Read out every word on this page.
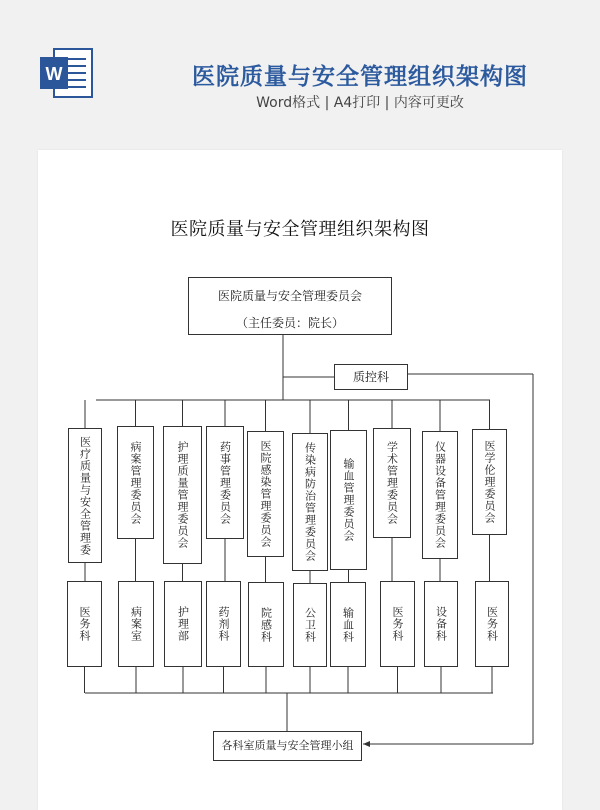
W	医院质量与安全管理组织架构图
Word格式 | A4打印 | 内容可更改
医院质量与安全管理组织架构图
医院质量与安全管理委员会
（主任委员：院长）
质控科
医疗质量与安全管理委	病案管理委员会	护理质量管理委员会	药事管理委员会	医院感染管理委员会	传染病防治管理委员会 输血管理委员会	学术管理委员会	仪器设备管理委员会	医学伦理委员会
医务科	病案室	护理部	药剂科	院感科	公卫科 输血科	医务科	设备科	医务科
各科室质量与安全管理小组
